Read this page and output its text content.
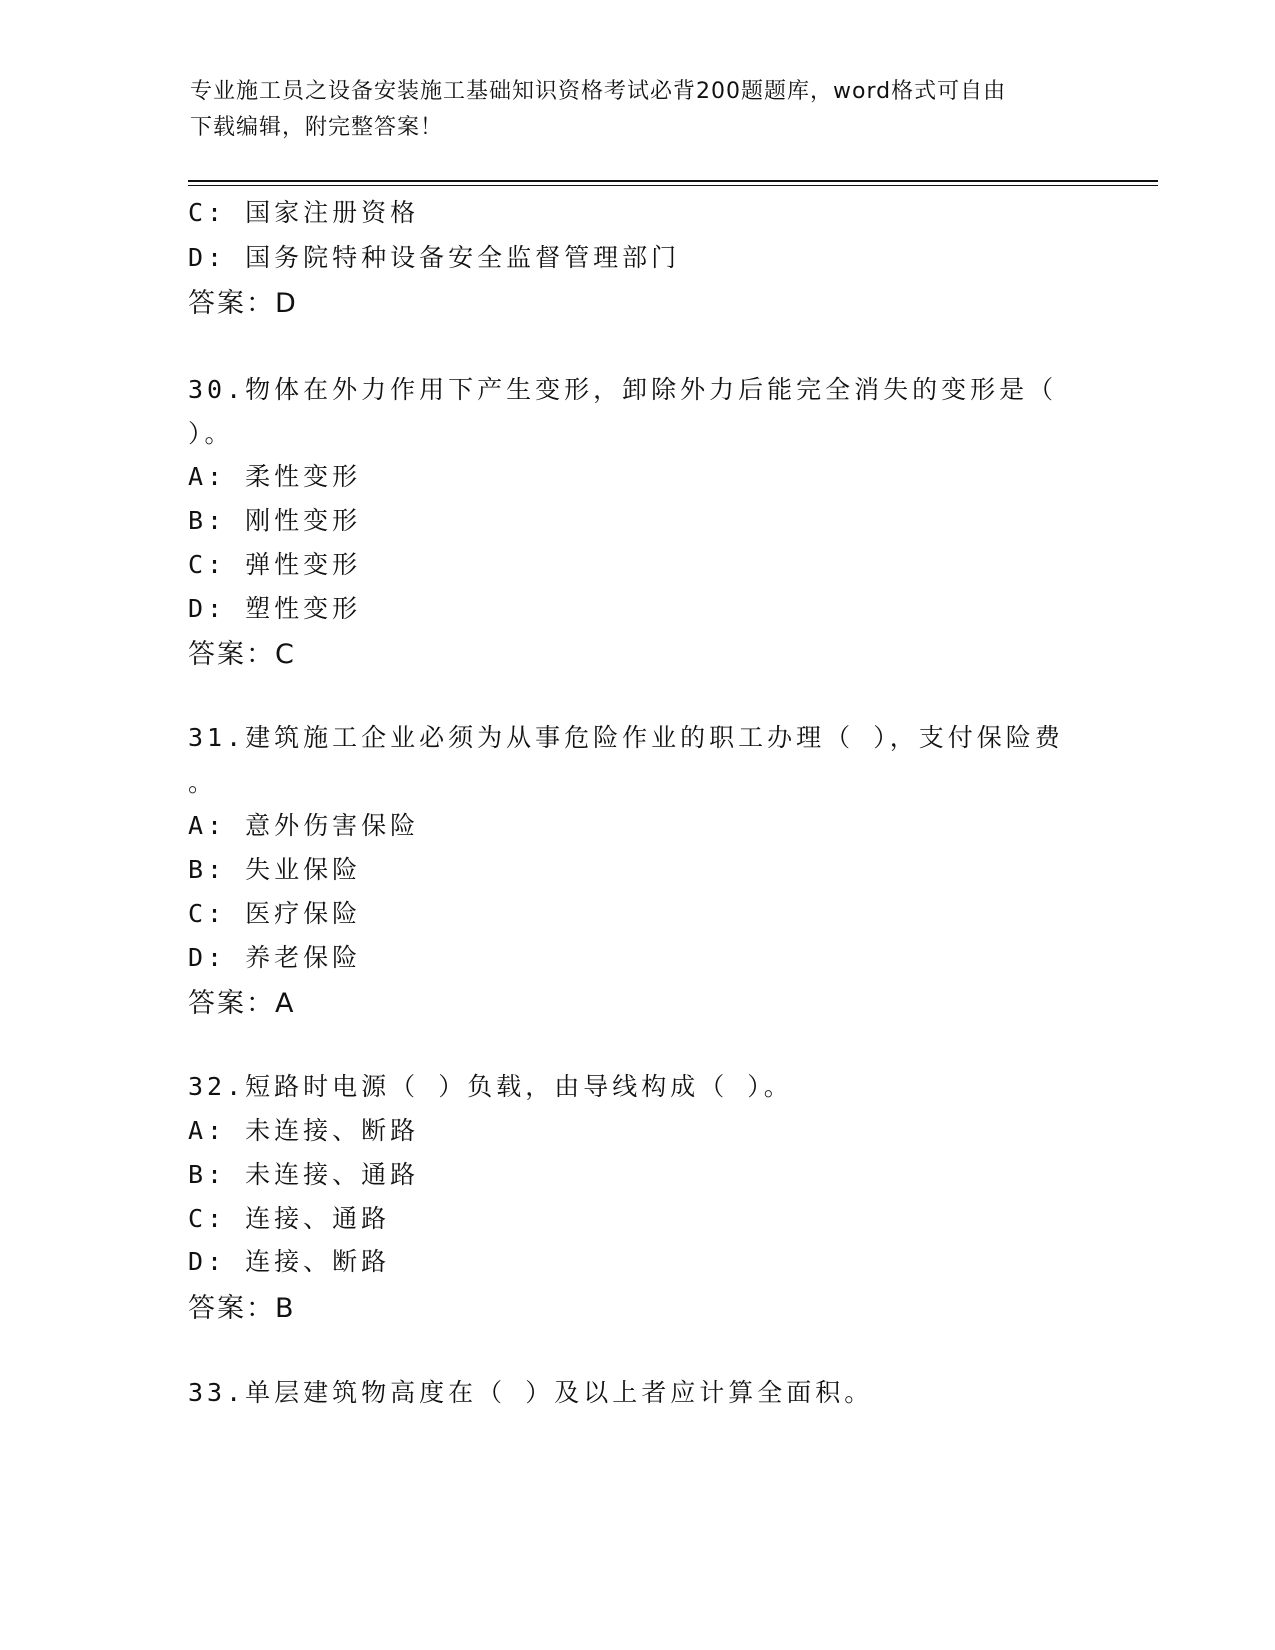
专业施工员之设备安装施工基础知识资格考试必背200题题库，word格式可自由
下载编辑，附完整答案！
C: 国家注册资格
D: 国务院特种设备安全监督管理部门
答案：D
30.物体在外力作用下产生变形，卸除外力后能完全消失的变形是（
）。
A: 柔性变形
B: 刚性变形
C: 弹性变形
D: 塑性变形
答案：C
31.建筑施工企业必须为从事危险作业的职工办理（ ），支付保险费
。
A: 意外伤害保险
B: 失业保险
C: 医疗保险
D: 养老保险
答案：A
32.短路时电源（ ）负载，由导线构成（ ）。
A: 未连接、断路
B: 未连接、通路
C: 连接、通路
D: 连接、断路
答案：B
33.单层建筑物高度在（ ）及以上者应计算全面积。
